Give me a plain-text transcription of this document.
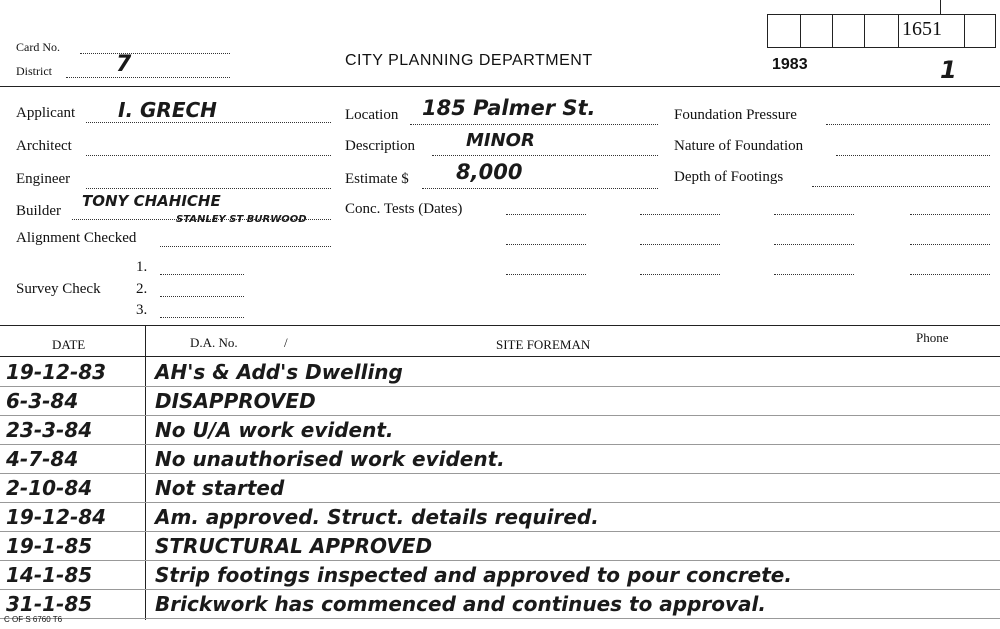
Card No.
District	7	CITY PLANNING DEPARTMENT
1651
1983	1
Applicant I. GRECH
Architect
Engineer
Builder
TONY CHAHICHE
STANLEY ST BURWOOD
Alignment Checked
Survey Check
1.
2.
3.
Location 185 Palmer St.
Description	MINOR
Estimate $ 8,000
Conc. Tests (Dates)
Foundation Pressure
Nature of Foundation
Depth of Footings
DATE	D.A. No.	/	SITE FOREMAN	Phone
19-12-83	AH's & Add's Dwelling
6-3-84	DISAPPROVED
23-3-84	No U/A work evident.
4-7-84	No unauthorised work evident.
2-10-84	Not started
19-12-84	Am. approved. Struct. details required.
19-1-85	STRUCTURAL APPROVED
14-1-85	Strip footings inspected and approved to pour concrete.
31-1-85	Brickwork has commenced and continues to approval.
C OF S 6760 T6
